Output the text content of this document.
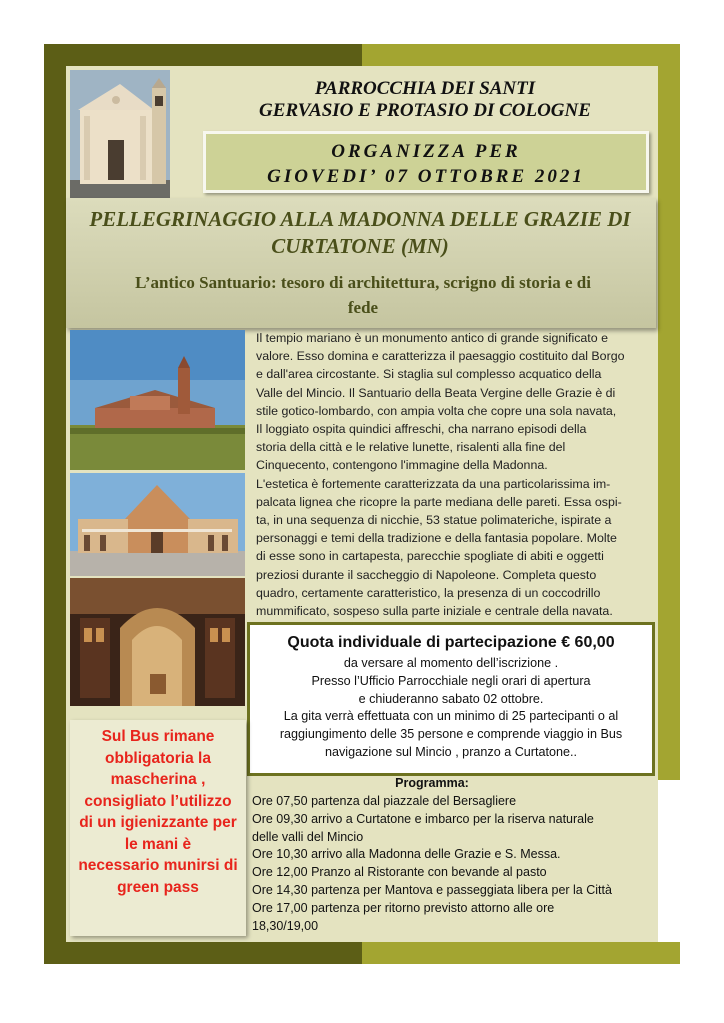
PARROCCHIA DEI SANTI
GERVASIO E PROTASIO DI COLOGNE
ORGANIZZA PER
GIOVEDI’ 07 OTTOBRE 2021
PELLEGRINAGGIO ALLA MADONNA DELLE GRAZIE DI
CURTATONE (MN)
L’antico Santuario: tesoro di architettura, scrigno di storia e di
fede
Il tempio mariano è un monumento antico di grande significato e
valore. Esso domina e caratterizza il paesaggio costituito dal Borgo
e dall'area circostante. Si staglia sul complesso acquatico della
Valle del Mincio. Il Santuario della Beata Vergine delle Grazie è di
stile gotico-lombardo, con ampia volta che copre una sola navata,
Il loggiato ospita quindici affreschi, cha narrano episodi della
storia della città e le relative lunette, risalenti alla fine del
Cinquecento, contengono l'immagine della Madonna.
L'estetica è fortemente caratterizzata da una particolarissima im-
palcata lignea che ricopre la parte mediana delle pareti. Essa ospi-
ta, in una sequenza di nicchie, 53 statue polimateriche, ispirate a
personaggi e temi della tradizione e della fantasia popolare. Molte
di esse sono in cartapesta, parecchie spogliate di abiti e oggetti
preziosi durante il saccheggio di Napoleone. Completa questo
quadro, certamente caratteristico, la presenza di un coccodrillo
mummificato, sospeso sulla parte iniziale e centrale della navata.
Quota individuale di partecipazione € 60,00
da versare al momento dell’iscrizione .
Presso l’Ufficio Parrocchiale negli orari di apertura
e chiuderanno sabato 02 ottobre.
La gita verrà effettuata con un minimo di 25 partecipanti o al
raggiungimento delle 35 persone e comprende viaggio in Bus
navigazione sul Mincio , pranzo a Curtatone..
Sul Bus rimane
obbligatoria la
mascherina ,
consigliato l’utilizzo
di un igienizzante per
le mani è
necessario munirsi di
green pass
Programma:
Ore 07,50 partenza dal piazzale del Bersagliere
Ore 09,30 arrivo a Curtatone e imbarco per la riserva naturale
delle valli del Mincio
Ore 10,30 arrivo alla Madonna delle Grazie e S. Messa.
Ore 12,00 Pranzo al Ristorante con bevande al pasto
Ore 14,30 partenza per Mantova e passeggiata libera per la Città
Ore 17,00 partenza per ritorno previsto attorno alle ore
18,30/19,00
